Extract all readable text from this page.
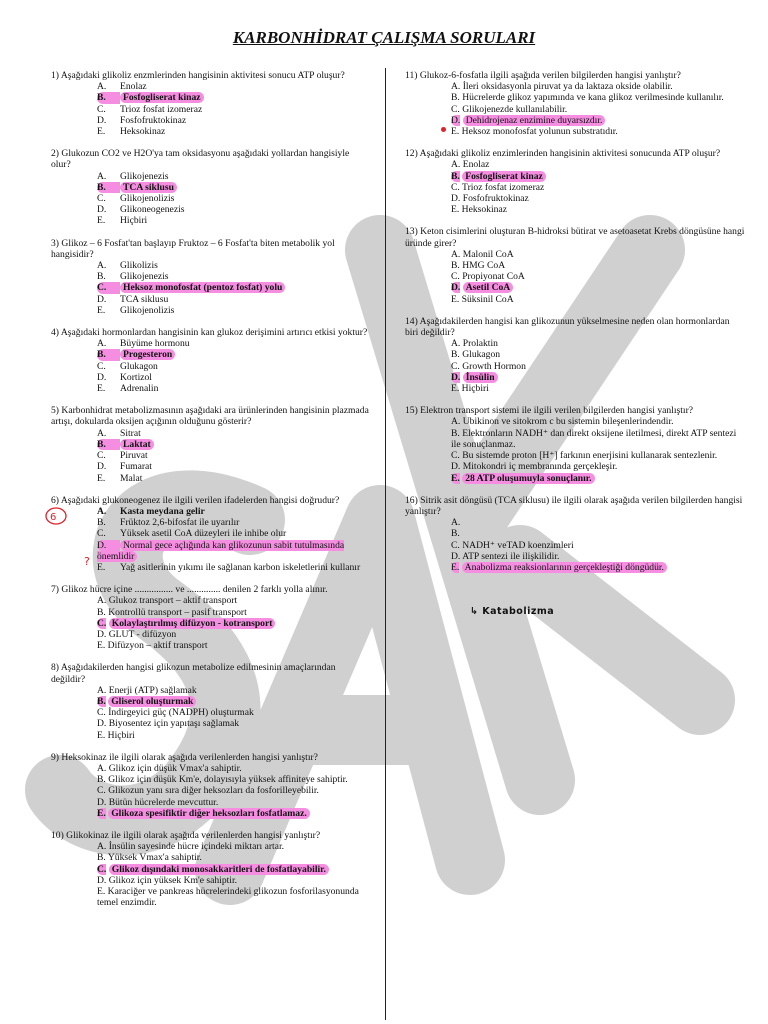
KARBONHİDRAT ÇALIŞMA SORULARI
1) Aşağıdaki glikoliz enzmlerinden hangisinin aktivitesi sonucu ATP oluşur?
A. Enolaz
B. Fosfogliserat kinaz
C. Trioz fosfat izomeraz
D. Fosfofruktokinaz
E. Heksokinaz
2) Glukozun CO2 ve H2O'ya tam oksidasyonu aşağıdaki yollardan hangisiyle olur?
A. Glikojenezis
B. TCA siklusu
C. Glikojenolizis
D. Glikoneogenezis
E. Hiçbiri
3) Glikoz – 6 Fosfat'tan başlayıp Fruktoz – 6 Fosfat'ta biten metabolik yol hangisidir?
A. Glikolizis
B. Glikojenezis
C. Heksoz monofosfat (pentoz fosfat) yolu
D. TCA siklusu
E. Glikojenolizis
4) Aşağıdaki hormonlardan hangisinin kan glukoz derişimini artırıcı etkisi yoktur?
A. Büyüme hormonu
B. Progesteron
C. Glukagon
D. Kortizol
E. Adrenalin
5) Karbonhidrat metabolizmasının aşağıdaki ara ürünlerinden hangisinin plazmada artışı, dokularda oksijen açığının olduğunu gösterir?
A. Sitrat
B. Laktat
C. Piruvat
D. Fumarat
E. Malat
6) Aşağıdaki glukoneogenez ile ilgili verilen ifadelerden hangisi doğrudur?
A. Kasta meydana gelir
B. Früktoz 2,6-bifosfat ile uyarılır
C. Yüksek asetil CoA düzeyleri ile inhibe olur
D. Normal gece açlığında kan glikozunun sabit tutulmasında önemlidir
E. Yağ asitlerinin yıkımı ile sağlanan karbon iskeletlerini kullanır
7) Glikoz hücre içine ................ ve .............. denilen 2 farklı yolla alınır.
A. Glukoz transport – aktif transport
B. Kontrollü transport – pasif transport
C. Kolaylaştırılmış difüzyon - kotransport
D. GLUT - difüzyon
E. Difüzyon – aktif transport
8) Aşağıdakilerden hangisi glikozun metabolize edilmesinin amaçlarından değildir?
A. Enerji (ATP) sağlamak
B. Gliserol oluşturmak
C. İndirgeyici güç (NADPH) oluşturmak
D. Biyosentez için yapıtaşı sağlamak
E. Hiçbiri
9) Heksokinaz ile ilgili olarak aşağıda verilenlerden hangisi yanlıştır?
A. Glikoz için düşük Vmax'a sahiptir.
B. Glikoz için düşük Km'e, dolayısıyla yüksek affiniteye sahiptir.
C. Glikozun yanı sıra diğer heksozları da fosforilleyebilir.
D. Bütün hücrelerde mevcuttur.
E. Glikoza spesifiktir diğer heksozları fosfatlamaz.
10) Glikokinaz ile ilgili olarak aşağıda verilenlerden hangisi yanlıştır?
A. İnsülin sayesinde hücre içindeki miktarı artar.
B. Yüksek Vmax'a sahiptir.
C. Glikoz dışındaki monosakkaritleri de fosfatlayabilir.
D. Glikoz için yüksek Km'e sahiptir.
E. Karaciğer ve pankreas hücrelerindeki glikozun fosforilasyonunda temel enzimdir.
11) Glukoz-6-fosfatla ilgili aşağıda verilen bilgilerden hangisi yanlıştır?
A. İleri oksidasyonla piruvat ya da laktaza okside olabilir.
B. Hücrelerde glikoz yapımında ve kana glikoz verilmesinde kullanılır.
C. Glikojenezde kullanılabilir.
D. Dehidrojenaz enzimine duyarsızdır.
E. Heksoz monofosfat yolunun substratıdır.
12) Aşağıdaki glikoliz enzimlerinden hangisinin aktivitesi sonucunda ATP oluşur?
A. Enolaz
B. Fosfogliserat kinaz
C. Trioz fosfat izomeraz
D. Fosfofruktokinaz
E. Heksokinaz
13) Keton cisimlerini oluşturan B-hidroksi bütirat ve asetoasetat Krebs döngüsüne hangi üründe girer?
A. Malonil CoA
B. HMG CoA
C. Propiyonat CoA
D. Asetil CoA
E. Süksinil CoA
14) Aşağıdakilerden hangisi kan glikozunun yükselmesine neden olan hormonlardan biri değildir?
A. Prolaktin
B. Glukagon
C. Growth Hormon
D. İnsülin
E. Hiçbiri
15) Elektron transport sistemi ile ilgili verilen bilgilerden hangisi yanlıştır?
A. Ubikinon ve sitokrom c bu sistemin bileşenlerindendir.
B. Elektronların NADH⁺ dan direkt oksijene iletilmesi, direkt ATP sentezi ile sonuçlanmaz.
C. Bu sistemde proton [H⁺] farkının enerjisini kullanarak sentezlenir.
D. Mitokondri iç membranında gerçekleşir.
E. 28 ATP oluşumuyla sonuçlanır.
16) Sitrik asit döngüsü (TCA siklusu) ile ilgili olarak aşağıda verilen bilgilerden hangisi yanlıştır?
A.
B.
C. NADH⁺ veTAD koenzimleri
D. ATP sentezi ile ilişkilidir.
E. Anabolizma reaksionlarının gerçekleştiği döngüdür.
6
?
↳ Katabolizma
